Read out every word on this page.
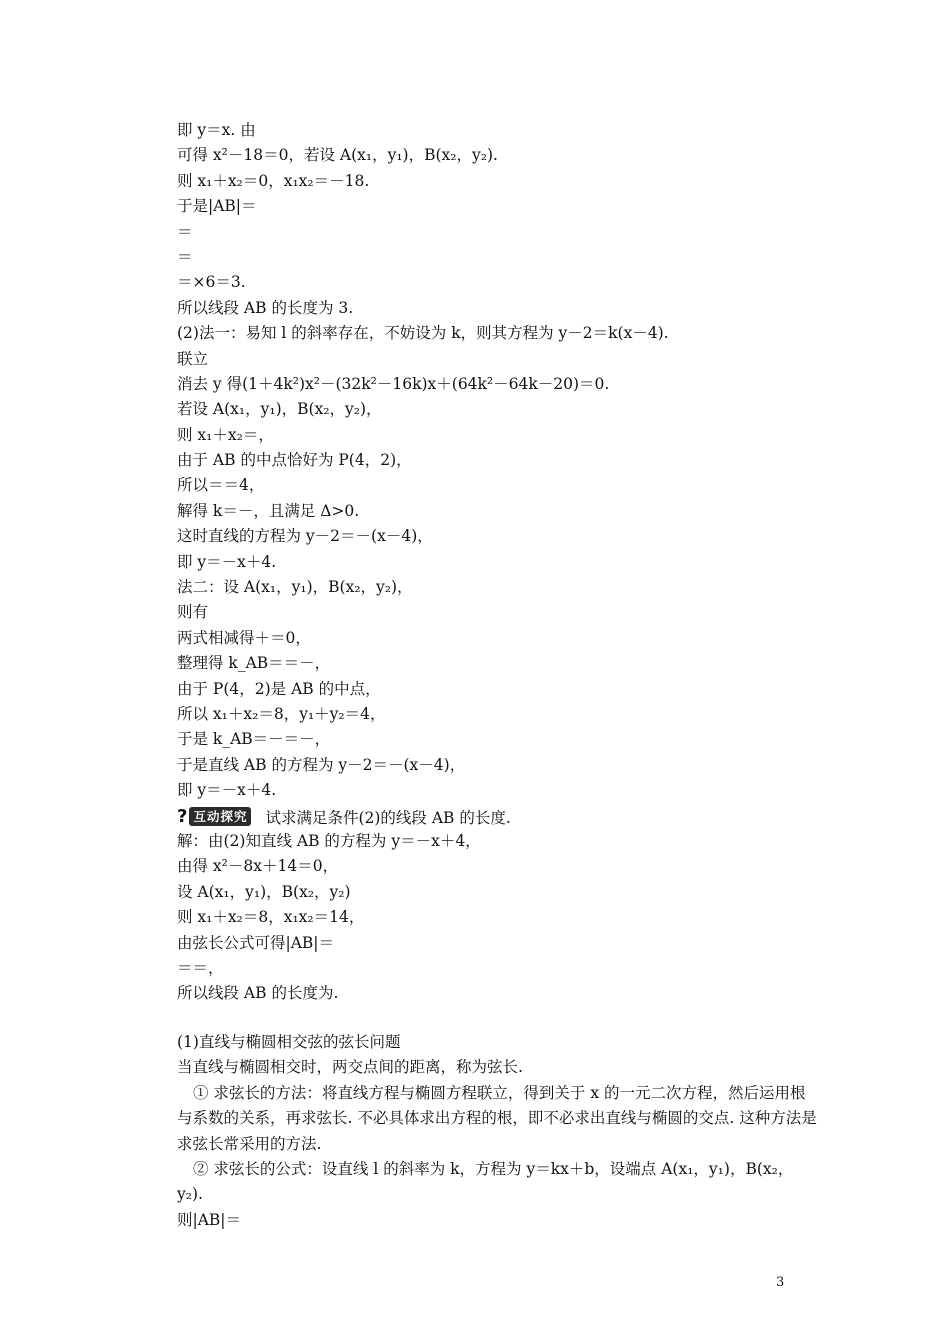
即 y＝x. 由
可得 x²－18＝0，若设 A(x₁，y₁)，B(x₂，y₂).
则 x₁＋x₂＝0，x₁x₂＝－18.
于是|AB|＝
＝
＝
＝×6＝3.
所以线段 AB 的长度为 3.
(2)法一：易知 l 的斜率存在，不妨设为 k，则其方程为 y－2＝k(x－4).
联立
消去 y 得(1＋4k²)x²－(32k²－16k)x＋(64k²－64k－20)＝0.
若设 A(x₁，y₁)，B(x₂，y₂)，
则 x₁＋x₂＝，
由于 AB 的中点恰好为 P(4，2)，
所以＝＝4，
解得 k＝－，且满足 Δ>0.
这时直线的方程为 y－2＝－(x－4)，
即 y＝－x＋4.
法二：设 A(x₁，y₁)，B(x₂，y₂)，
则有
两式相减得＋＝0，
整理得 k_AB＝＝－，
由于 P(4，2)是 AB 的中点，
所以 x₁＋x₂＝8，y₁＋y₂＝4，
于是 k_AB＝－＝－，
于是直线 AB 的方程为 y－2＝－(x－4)，
即 y＝－x＋4.
? 互动探究 试求满足条件(2)的线段 AB 的长度.
解：由(2)知直线 AB 的方程为 y＝－x＋4，
由得 x²－8x＋14＝0，
设 A(x₁，y₁)，B(x₂，y₂)
则 x₁＋x₂＝8，x₁x₂＝14，
由弦长公式可得|AB|＝
＝＝，
所以线段 AB 的长度为.
(1)直线与椭圆相交弦的弦长问题
当直线与椭圆相交时，两交点间的距离，称为弦长.
① 求弦长的方法：将直线方程与椭圆方程联立，得到关于 x 的一元二次方程，然后运用根与系数的关系，再求弦长. 不必具体求出方程的根，即不必求出直线与椭圆的交点. 这种方法是求弦长常采用的方法.
② 求弦长的公式：设直线 l 的斜率为 k，方程为 y＝kx＋b，设端点 A(x₁，y₁)，B(x₂，y₂).
则|AB|＝
3
